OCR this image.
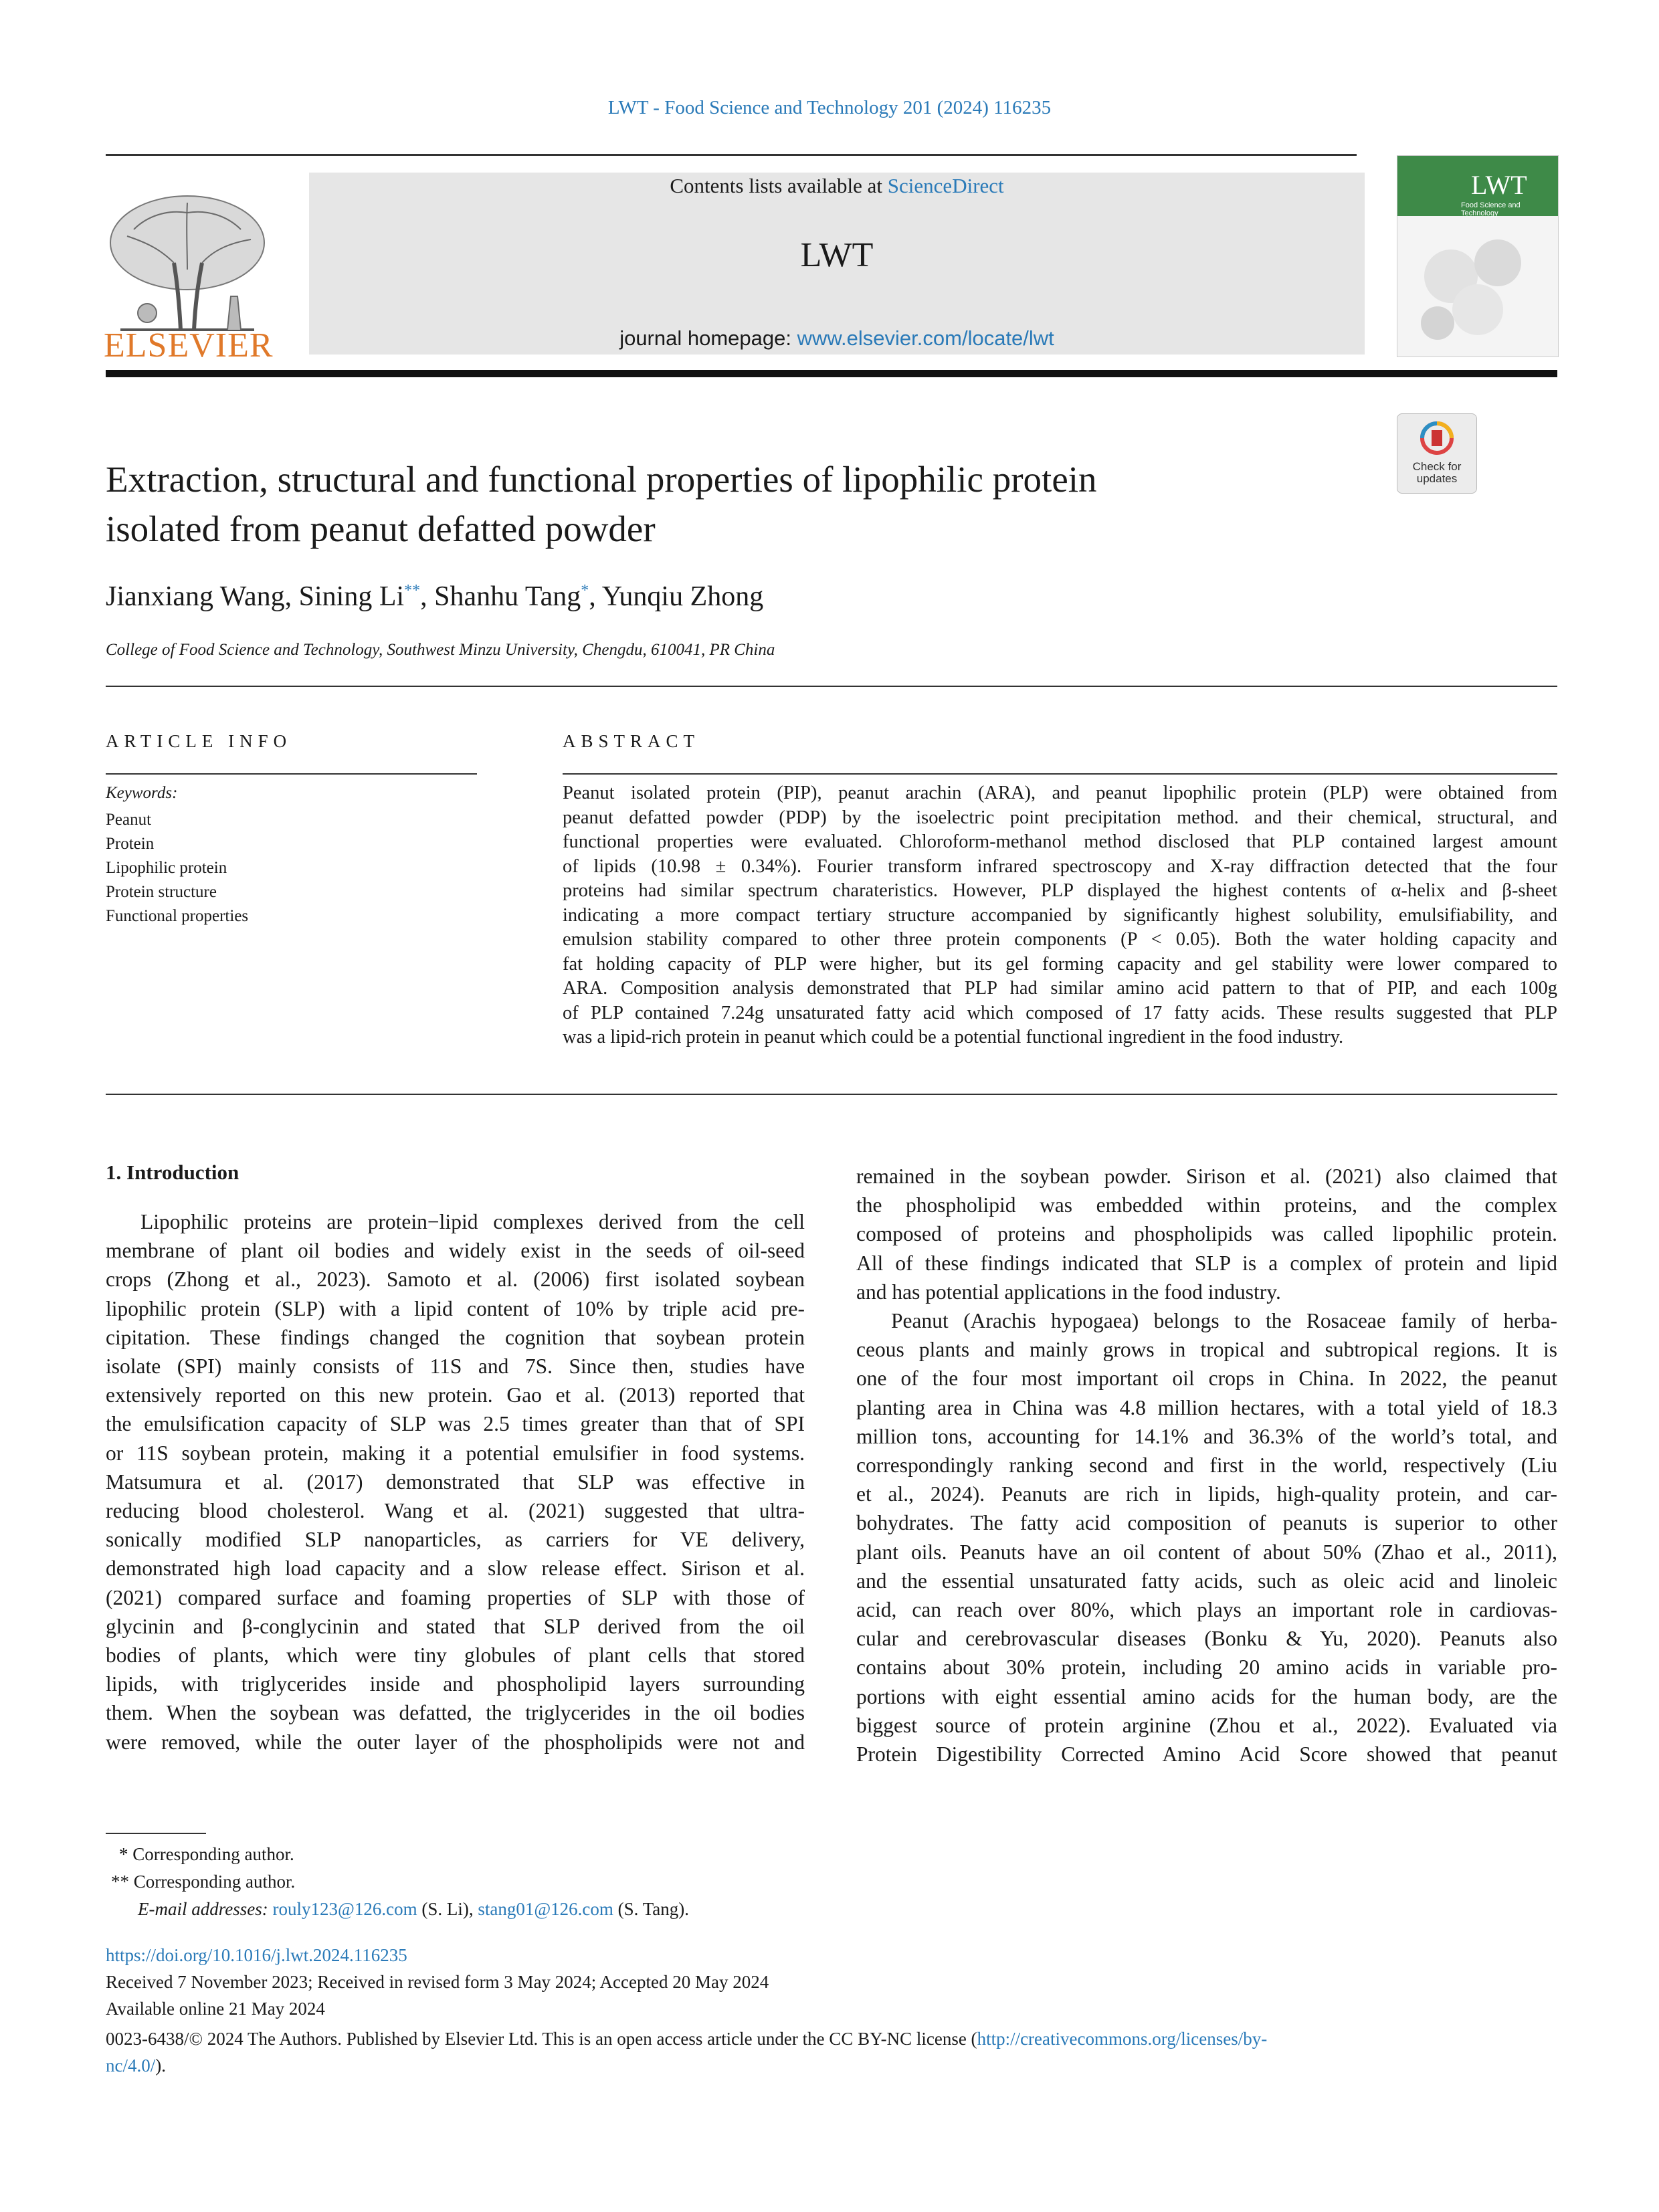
LWT - Food Science and Technology 201 (2024) 116235
ELSEVIER
Contents lists available at ScienceDirect
LWT
journal homepage: www.elsevier.com/locate/lwt
LWT
Food Science and Technology
Check for
updates
Extraction, structural and functional properties of lipophilic protein
isolated from peanut defatted powder
Jianxiang Wang, Sining Li**, Shanhu Tang*, Yunqiu Zhong
College of Food Science and Technology, Southwest Minzu University, Chengdu, 610041, PR China
ARTICLE INFO
Keywords:
Peanut
Protein
Lipophilic protein
Protein structure
Functional properties
ABSTRACT
Peanut isolated protein (PIP), peanut arachin (ARA), and peanut lipophilic protein (PLP) were obtained from
peanut defatted powder (PDP) by the isoelectric point precipitation method. and their chemical, structural, and
functional properties were evaluated. Chloroform-methanol method disclosed that PLP contained largest amount
of lipids (10.98 ± 0.34%). Fourier transform infrared spectroscopy and X-ray diffraction detected that the four
proteins had similar spectrum charateristics. However, PLP displayed the highest contents of α-helix and β-sheet
indicating a more compact tertiary structure accompanied by significantly highest solubility, emulsifiability, and
emulsion stability compared to other three protein components (P < 0.05). Both the water holding capacity and
fat holding capacity of PLP were higher, but its gel forming capacity and gel stability were lower compared to
ARA. Composition analysis demonstrated that PLP had similar amino acid pattern to that of PIP, and each 100g
of PLP contained 7.24g unsaturated fatty acid which composed of 17 fatty acids. These results suggested that PLP
was a lipid-rich protein in peanut which could be a potential functional ingredient in the food industry.
1. Introduction
Lipophilic proteins are protein−lipid complexes derived from the cell
membrane of plant oil bodies and widely exist in the seeds of oil-seed
crops (Zhong et al., 2023). Samoto et al. (2006) first isolated soybean
lipophilic protein (SLP) with a lipid content of 10% by triple acid pre-
cipitation. These findings changed the cognition that soybean protein
isolate (SPI) mainly consists of 11S and 7S. Since then, studies have
extensively reported on this new protein. Gao et al. (2013) reported that
the emulsification capacity of SLP was 2.5 times greater than that of SPI
or 11S soybean protein, making it a potential emulsifier in food systems.
Matsumura et al. (2017) demonstrated that SLP was effective in
reducing blood cholesterol. Wang et al. (2021) suggested that ultra-
sonically modified SLP nanoparticles, as carriers for VE delivery,
demonstrated high load capacity and a slow release effect. Sirison et al.
(2021) compared surface and foaming properties of SLP with those of
glycinin and β-conglycinin and stated that SLP derived from the oil
bodies of plants, which were tiny globules of plant cells that stored
lipids, with triglycerides inside and phospholipid layers surrounding
them. When the soybean was defatted, the triglycerides in the oil bodies
were removed, while the outer layer of the phospholipids were not and
remained in the soybean powder. Sirison et al. (2021) also claimed that
the phospholipid was embedded within proteins, and the complex
composed of proteins and phospholipids was called lipophilic protein.
All of these findings indicated that SLP is a complex of protein and lipid
and has potential applications in the food industry.
Peanut (Arachis hypogaea) belongs to the Rosaceae family of herba-
ceous plants and mainly grows in tropical and subtropical regions. It is
one of the four most important oil crops in China. In 2022, the peanut
planting area in China was 4.8 million hectares, with a total yield of 18.3
million tons, accounting for 14.1% and 36.3% of the world’s total, and
correspondingly ranking second and first in the world, respectively (Liu
et al., 2024). Peanuts are rich in lipids, high-quality protein, and car-
bohydrates. The fatty acid composition of peanuts is superior to other
plant oils. Peanuts have an oil content of about 50% (Zhao et al., 2011),
and the essential unsaturated fatty acids, such as oleic acid and linoleic
acid, can reach over 80%, which plays an important role in cardiovas-
cular and cerebrovascular diseases (Bonku & Yu, 2020). Peanuts also
contains about 30% protein, including 20 amino acids in variable pro-
portions with eight essential amino acids for the human body, are the
biggest source of protein arginine (Zhou et al., 2022). Evaluated via
Protein Digestibility Corrected Amino Acid Score showed that peanut
* Corresponding author.
** Corresponding author.
E-mail addresses: rouly123@126.com (S. Li), stang01@126.com (S. Tang).
https://doi.org/10.1016/j.lwt.2024.116235
Received 7 November 2023; Received in revised form 3 May 2024; Accepted 20 May 2024
Available online 21 May 2024
0023-6438/© 2024 The Authors. Published by Elsevier Ltd. This is an open access article under the CC BY-NC license (http://creativecommons.org/licenses/by-
nc/4.0/).
